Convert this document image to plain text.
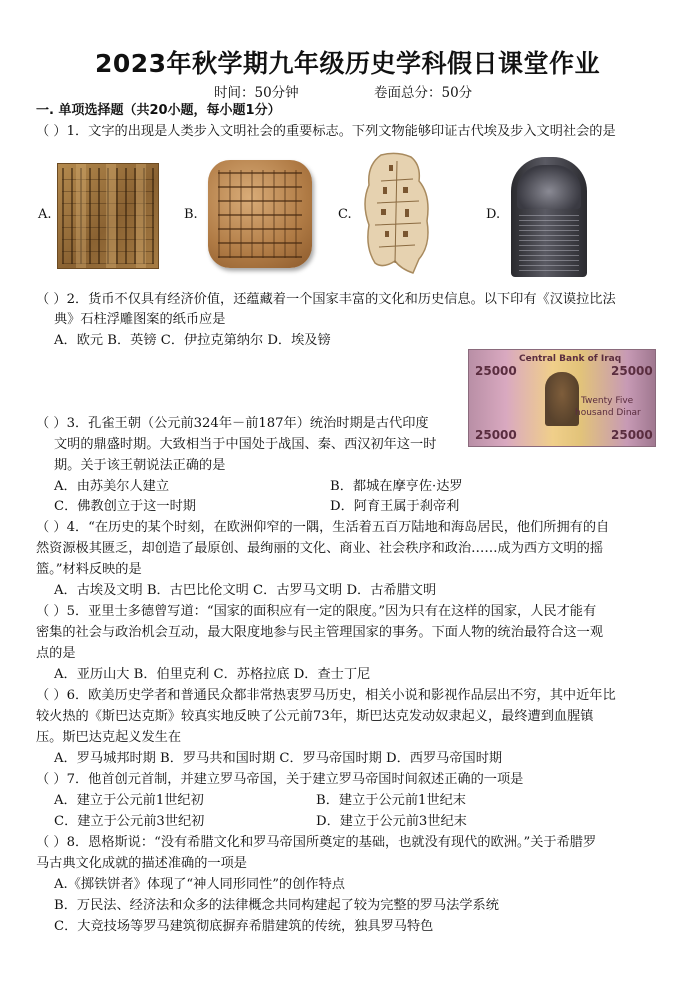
2023年秋学期九年级历史学科假日课堂作业
时间：50分钟	卷面总分：50分
一. 单项选择题（共20小题，每小题1分）
（ ）1．文字的出现是人类步入文明社会的重要标志。下列文物能够印证古代埃及步入文明社会的是
A.	B.	C.	D.
（ ）2．货币不仅具有经济价值，还蕴藏着一个国家丰富的文化和历史信息。以下印有《汉谟拉比法
典》石柱浮雕图案的纸币应是
A．欧元 B．英镑 C．伊拉克第纳尔 D．埃及镑
Central Bank of Iraq
25000	25000
Twenty Five
housand Dinar
25000	25000
（ ）3．孔雀王朝（公元前324年－前187年）统治时期是古代印度
文明的鼎盛时期。大致相当于中国处于战国、秦、西汉初年这一时
期。关于该王朝说法正确的是
A．由苏美尔人建立	B．都城在摩亨佐·达罗
C．佛教创立于这一时期	D．阿育王属于刹帝利
（ ）4．“在历史的某个时刻，在欧洲仰窄的一隅，生活着五百万陆地和海岛居民，他们所拥有的自
然资源极其匮乏，却创造了最原创、最绚丽的文化、商业、社会秩序和政治……成为西方文明的摇
篮。”材料反映的是
A．古埃及文明 B．古巴比伦文明 C．古罗马文明 D．古希腊文明
（ ）5．亚里士多德曾写道：“国家的面积应有一定的限度。”因为只有在这样的国家，人民才能有
密集的社会与政治机会互动，最大限度地参与民主管理国家的事务。下面人物的统治最符合这一观
点的是
A．亚历山大 B．伯里克利 C．苏格拉底 D．查士丁尼
（ ）6．欧美历史学者和普通民众都非常热衷罗马历史，相关小说和影视作品层出不穷，其中近年比
较火热的《斯巴达克斯》较真实地反映了公元前73年，斯巴达克发动奴隶起义，最终遭到血腥镇
压。斯巴达克起义发生在
A．罗马城邦时期 B．罗马共和国时期 C．罗马帝国时期 D．西罗马帝国时期
（ ）7．他首创元首制，并建立罗马帝国，关于建立罗马帝国时间叙述正确的一项是
A．建立于公元前1世纪初	B．建立于公元前1世纪末
C．建立于公元前3世纪初	D．建立于公元前3世纪末
（ ）8．恩格斯说：“没有希腊文化和罗马帝国所奠定的基础，也就没有现代的欧洲。”关于希腊罗
马古典文化成就的描述准确的一项是
A.《掷铁饼者》体现了“神人同形同性”的创作特点
B．万民法、经济法和众多的法律概念共同构建起了较为完整的罗马法学系统
C．大竞技场等罗马建筑彻底摒弃希腊建筑的传统，独具罗马特色
